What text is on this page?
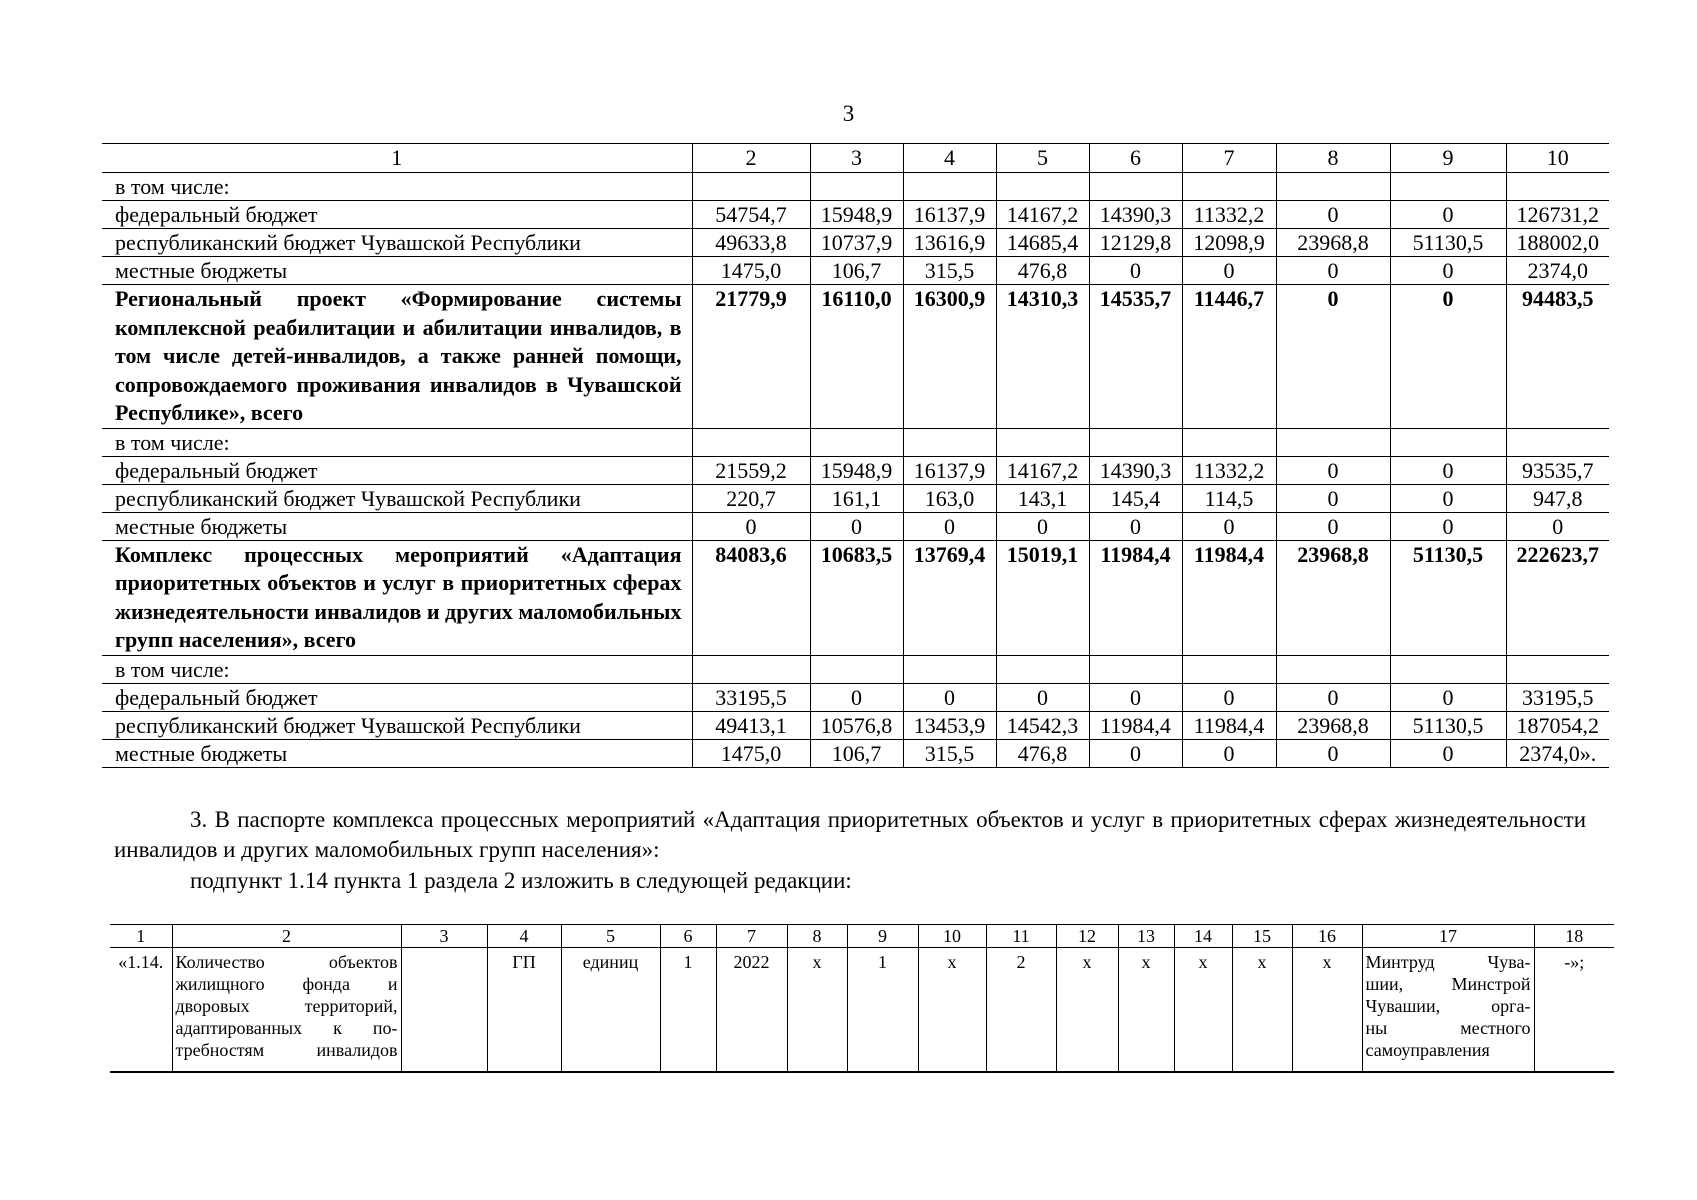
3
1	2	3	4	5	6	7	8	9	10
в том числе:									
федеральный бюджет	54754,7	15948,9	16137,9	14167,2	14390,3	11332,2	0	0	126731,2
республиканский бюджет Чувашской Республики	49633,8	10737,9	13616,9	14685,4	12129,8	12098,9	23968,8	51130,5	188002,0
местные бюджеты	1475,0	106,7	315,5	476,8	0	0	0	0	2374,0
Региональный проект «Формирование системы комплексной реабилитации и абилитации инвалидов, в том числе детей-инвалидов, а также ранней помощи, сопровождаемого проживания инвалидов в Чувашской Республике», всего	21779,9	16110,0	16300,9	14310,3	14535,7	11446,7	0	0	94483,5
в том числе:									
федеральный бюджет	21559,2	15948,9	16137,9	14167,2	14390,3	11332,2	0	0	93535,7
республиканский бюджет Чувашской Республики	220,7	161,1	163,0	143,1	145,4	114,5	0	0	947,8
местные бюджеты	0	0	0	0	0	0	0	0	0
Комплекс процессных мероприятий «Адаптация приоритетных объектов и услуг в приоритетных сферах жизнедеятельности инвалидов и других маломобильных групп населения», всего	84083,6	10683,5	13769,4	15019,1	11984,4	11984,4	23968,8	51130,5	222623,7
в том числе:									
федеральный бюджет	33195,5	0	0	0	0	0	0	0	33195,5
республиканский бюджет Чувашской Республики	49413,1	10576,8	13453,9	14542,3	11984,4	11984,4	23968,8	51130,5	187054,2
местные бюджеты	1475,0	106,7	315,5	476,8	0	0	0	0	2374,0».
3. В паспорте комплекса процессных мероприятий «Адаптация приоритетных объектов и услуг в приоритетных сферах жизнедеятельности инвалидов и других маломобильных групп населения»:
подпункт 1.14 пункта 1 раздела 2 изложить в следующей редакции:
1	2	3	4	5	6	7	8	9	10	11	12	13	14	15	16	17	18
«1.14.	Количество объектов
жилищного фонда и
дворовых территорий,
адаптированных к по-
требностям инвалидов		ГП	единиц	1	2022	х	1	х	2	х	х	х	х	х	Минтруд Чува-
шии, Минстрой
Чувашии, орга-
ны местного
самоуправления	-»;
